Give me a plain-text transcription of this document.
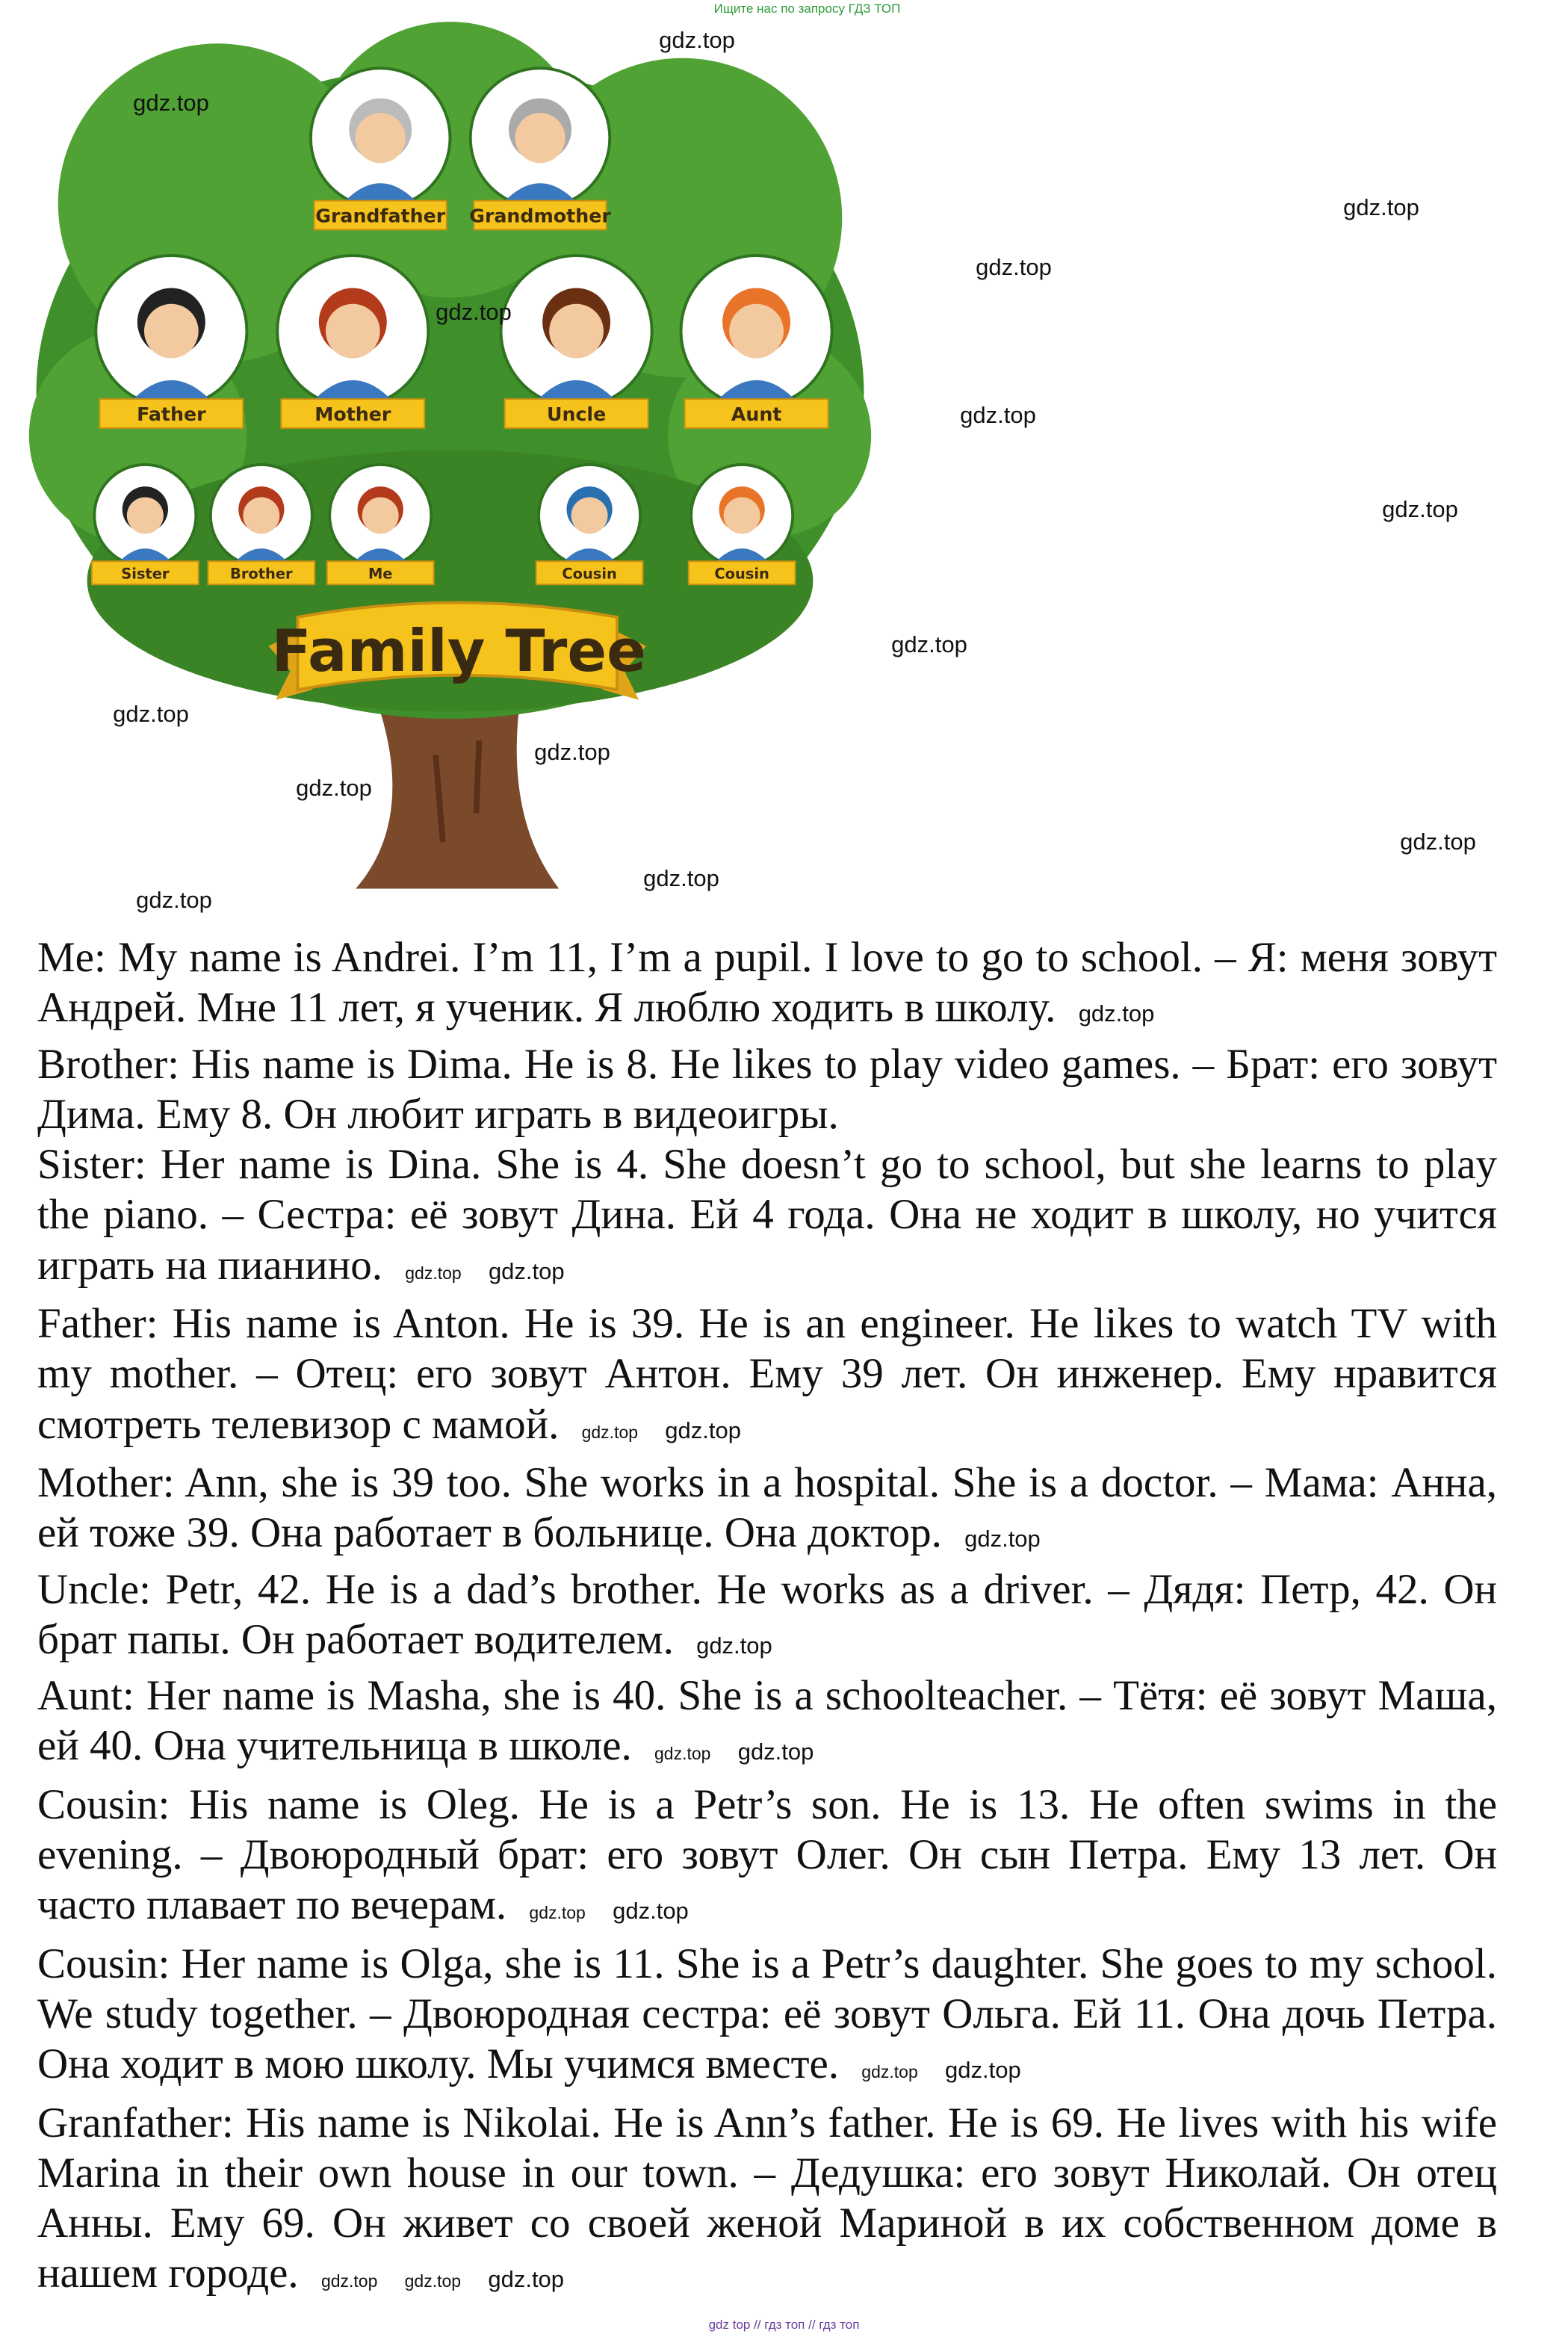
Ищите нас по запросу ГДЗ ТОП
Grandfather Grandmother
Father	Mother	Uncle	Aunt
Sister	Brother	Me	Cousin	Cousin
Family Tree
gdz.top
gdz.top
gdz.top
gdz.top
gdz.top
gdz.top
gdz.top
gdz.top
gdz.top
gdz.top
gdz.top
gdz.top
gdz.top
gdz.top

Me: My name is Andrei. I’m 11, I’m a pupil. I love to go to school. – Я: меня зовут Андрей. Мне 11 лет, я ученик. Я люблю ходить в школу. gdz.top

Brother: His name is Dima. He is 8. He likes to play video games. – Брат: его зовут Дима. Ему 8. Он любит играть в видеоигры.

Sister: Her name is Dina. She is 4. She doesn’t go to school, but she learns to play the piano. – Сестра: её зовут Дина. Ей 4 года. Она не ходит в школу, но учится играть на пианино. gdz.top gdz.top

Father: His name is Anton. He is 39. He is an engineer. He likes to watch TV with my mother. – Отец: его зовут Антон. Ему 39 лет. Он инженер. Ему нравится смотреть телевизор с мамой. gdz.top gdz.top

Mother: Ann, she is 39 too. She works in a hospital. She is a doctor. – Мама: Анна, ей тоже 39. Она работает в больнице. Она доктор. gdz.top

Uncle: Petr, 42. He is a dad’s brother. He works as a driver. – Дядя: Петр, 42. Он брат папы. Он работает водителем. gdz.top

Aunt: Her name is Masha, she is 40. She is a schoolteacher. – Тётя: её зовут Маша, ей 40. Она учительница в школе. gdz.top gdz.top

Cousin: His name is Oleg. He is a Petr’s son. He is 13. He often swims in the evening. – Двоюродный брат: его зовут Олег. Он сын Петра. Ему 13 лет. Он часто плавает по вечерам. gdz.top gdz.top

Cousin: Her name is Olga, she is 11. She is a Petr’s daughter. She goes to my school. We study together. – Двоюродная сестра: её зовут Ольга. Ей 11. Она дочь Петра. Она ходит в мою школу. Мы учимся вместе. gdz.top gdz.top

Granfather: His name is Nikolai. He is Ann’s father. He is 69. He lives with his wife Marina in their own house in our town. – Дедушка: его зовут Николай. Он отец Анны. Ему 69. Он живет со своей женой Мариной в их собственном доме в нашем городе. gdz.top gdz.top gdz.top

gdz top // гдз топ // гдз топ
